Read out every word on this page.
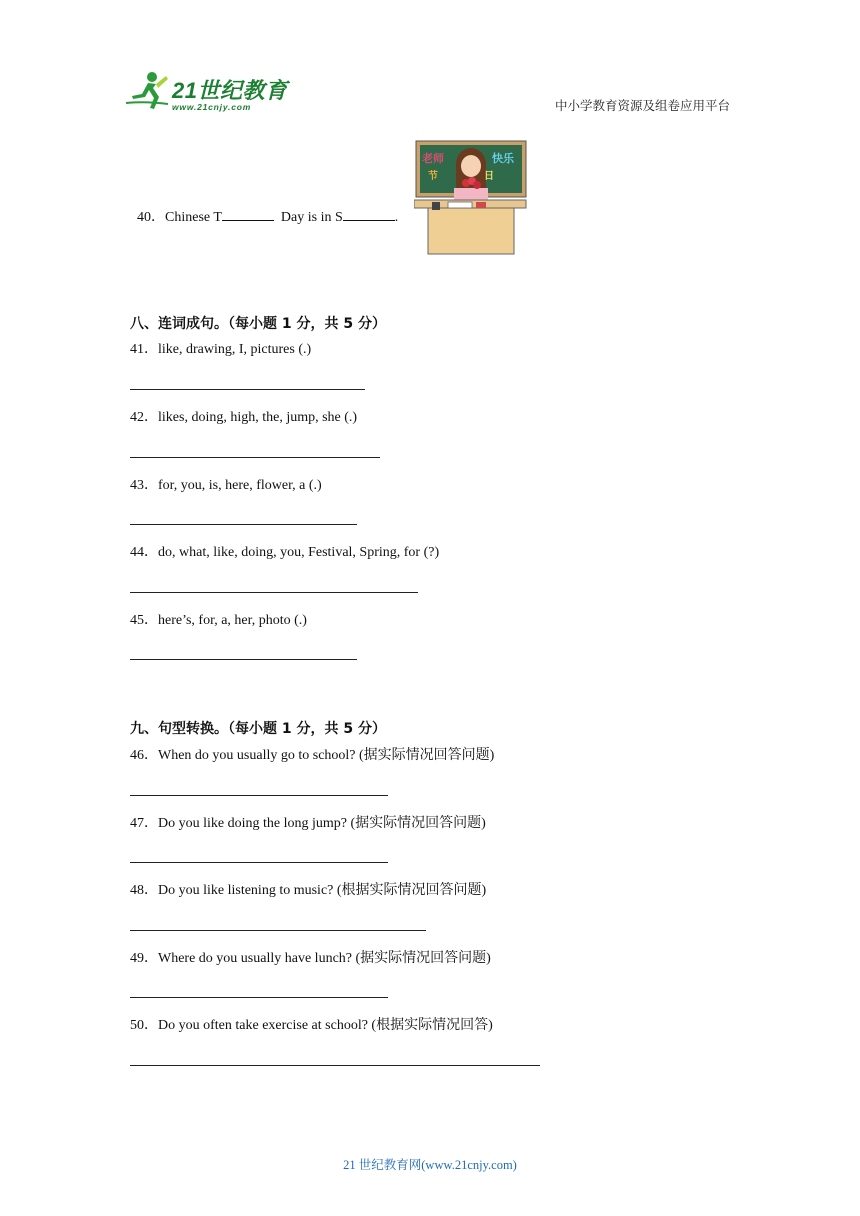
21世纪教育
www.21cnjy.com	中小学教育资源及组卷应用平台

40．Chinese T	Day is in S	.

老师
节
快乐
日
八、连词成句。（每小题 1 分，共 5 分）
41．like, drawing, I, pictures (.)
42．likes, doing, high, the, jump, she (.)
43．for, you, is, here, flower, a (.)
44．do, what, like, doing, you, Festival, Spring, for (?)
45．here’s, for, a, her, photo (.)
九、句型转换。（每小题 1 分，共 5 分）
46．When do you usually go to school? (据实际情况回答问题)
47．Do you like doing the long jump? (据实际情况回答问题)
48．Do you like listening to music? (根据实际情况回答问题)
49．Where do you usually have lunch? (据实际情况回答问题)
50．Do you often take exercise at school? (根据实际情况回答)
21 世纪教育网(www.21cnjy.com)
